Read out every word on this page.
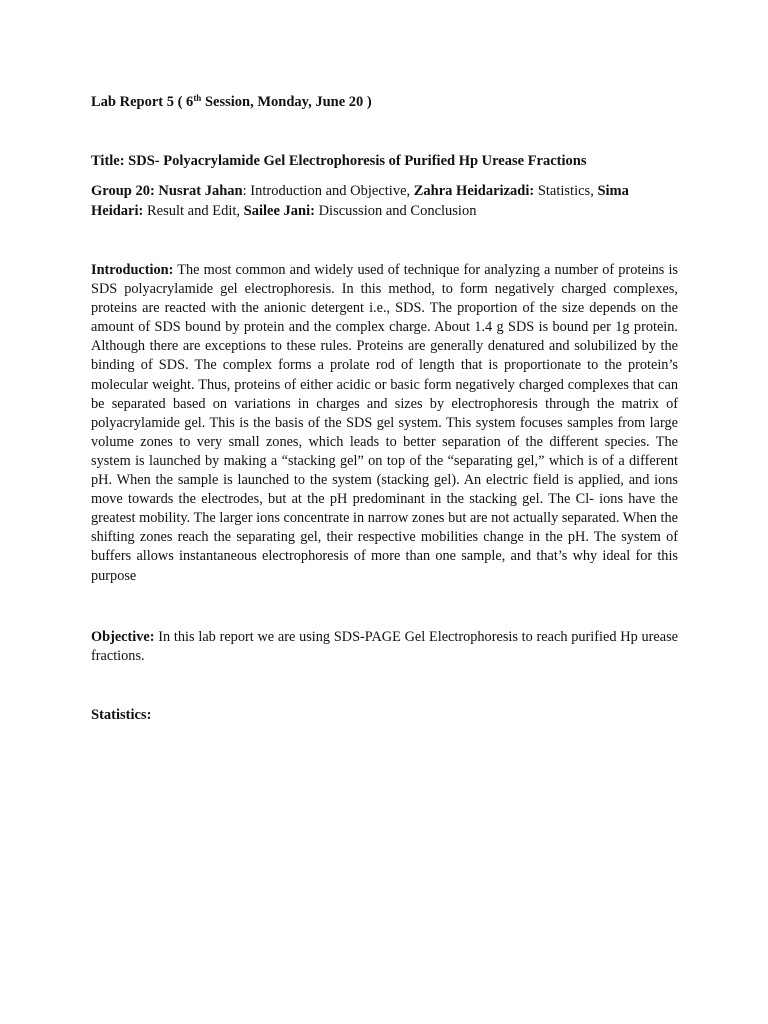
Lab Report 5 ( 6th Session, Monday, June 20 )
Title: SDS- Polyacrylamide Gel Electrophoresis of Purified Hp Urease Fractions
Group 20: Nusrat Jahan: Introduction and Objective, Zahra Heidarizadi: Statistics, Sima Heidari: Result and Edit, Sailee Jani: Discussion and Conclusion
Introduction: The most common and widely used of technique for analyzing a number of proteins is SDS polyacrylamide gel electrophoresis. In this method, to form negatively charged complexes, proteins are reacted with the anionic detergent i.e., SDS. The proportion of the size depends on the amount of SDS bound by protein and the complex charge. About 1.4 g SDS is bound per 1g protein. Although there are exceptions to these rules. Proteins are generally denatured and solubilized by the binding of SDS. The complex forms a prolate rod of length that is proportionate to the protein’s molecular weight. Thus, proteins of either acidic or basic form negatively charged complexes that can be separated based on variations in charges and sizes by electrophoresis through the matrix of polyacrylamide gel. This is the basis of the SDS gel system. This system focuses samples from large volume zones to very small zones, which leads to better separation of the different species. The system is launched by making a “stacking gel” on top of the “separating gel,” which is of a different pH. When the sample is launched to the system (stacking gel). An electric field is applied, and ions move towards the electrodes, but at the pH predominant in the stacking gel. The Cl- ions have the greatest mobility. The larger ions concentrate in narrow zones but are not actually separated. When the shifting zones reach the separating gel, their respective mobilities change in the pH. The system of buffers allows instantaneous electrophoresis of more than one sample, and that’s why ideal for this purpose
Objective: In this lab report we are using SDS-PAGE Gel Electrophoresis to reach purified Hp urease fractions.
Statistics:
